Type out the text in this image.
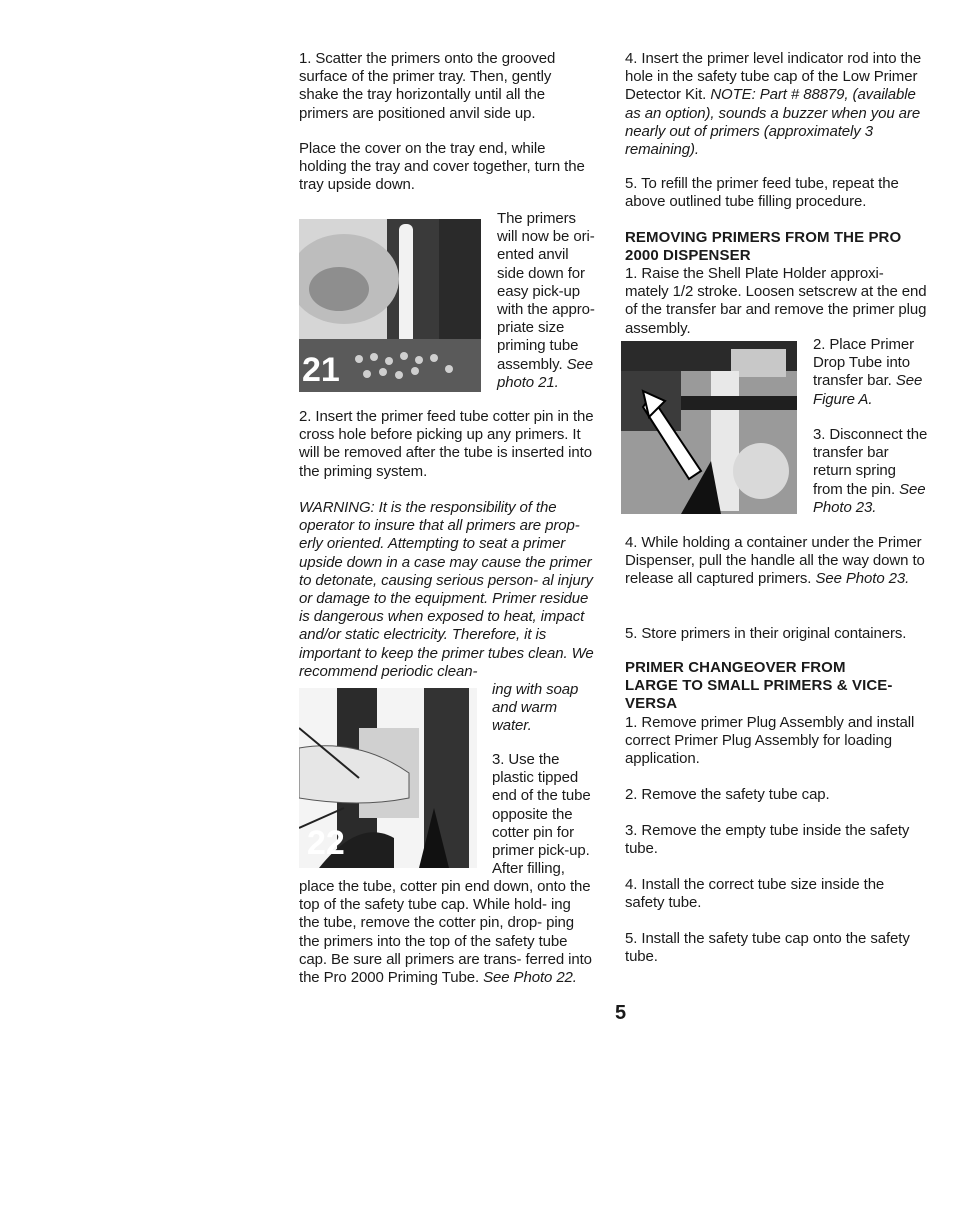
1. Scatter the primers onto the grooved surface of the primer tray. Then, gently shake the tray horizontally until all the primers are positioned anvil side up.
Place the cover on the tray end, while holding the tray and cover together, turn the tray upside down.
21
The primers will now be ori- ented anvil side down for easy pick-up with the appro- priate size priming tube assembly. See photo 21.
2. Insert the primer feed tube cotter pin in the cross hole before picking up any primers. It will be removed after the tube is inserted into the priming system.
WARNING: It is the responsibility of the operator to insure that all primers are prop- erly oriented. Attempting to seat a primer upside down in a case may cause the primer to detonate, causing serious person- al injury or damage to the equipment. Primer residue is dangerous when exposed to heat, impact and/or static electricity. Therefore, it is important to keep the primer tubes clean. We recommend periodic clean-
22
ing with soap and warm water.
3. Use the plastic tipped end of the tube opposite the cotter pin for primer pick-up. After filling,
place the tube, cotter pin end down, onto the top of the safety tube cap. While hold- ing the tube, remove the cotter pin, drop- ping the primers into the top of the safety tube cap. Be sure all primers are trans- ferred into the Pro 2000 Priming Tube. See Photo 22.
4. Insert the primer level indicator rod into the hole in the safety tube cap of the Low Primer Detector Kit. NOTE: Part # 88879, (available as an option), sounds a buzzer when you are nearly out of primers (approximately 3 remaining).
5. To refill the primer feed tube, repeat the above outlined tube filling procedure.
REMOVING PRIMERS FROM THE PRO 2000 DISPENSER
1. Raise the Shell Plate Holder approxi- mately 1/2 stroke. Loosen setscrew at the end of the transfer bar and remove the primer plug assembly.
2. Place Primer Drop Tube into transfer bar. See Figure A.
3. Disconnect the transfer bar return spring from the pin. See Photo 23.
4. While holding a container under the Primer Dispenser, pull the handle all the way down to release all captured primers. See Photo 23.
5. Store primers in their original containers.
PRIMER CHANGEOVER FROM LARGE TO SMALL PRIMERS & VICE-VERSA
1. Remove primer Plug Assembly and install correct Primer Plug Assembly for loading application.
2. Remove the safety tube cap.
3. Remove the empty tube inside the safety tube.
4. Install the correct tube size inside the safety tube.
5. Install the safety tube cap onto the safety tube.
5
